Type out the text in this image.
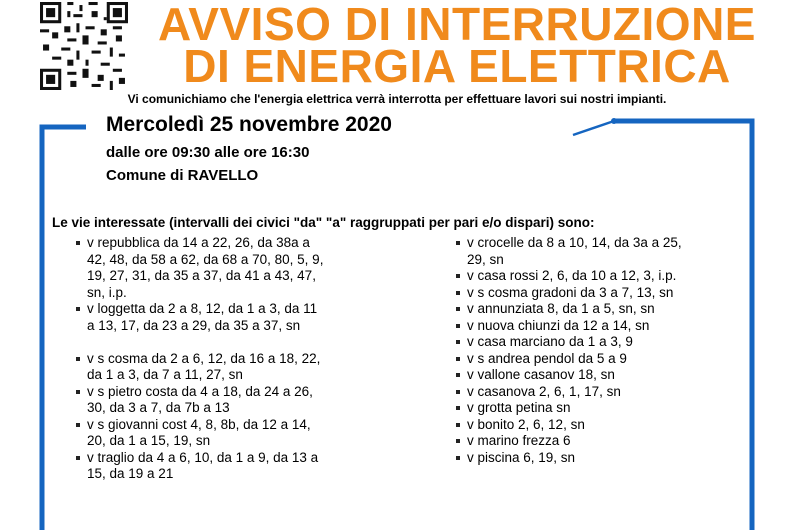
AVVISO DI INTERRUZIONE
DI ENERGIA ELETTRICA
Vi comunichiamo che l'energia elettrica verrà interrotta per effettuare lavori sui nostri impianti.
Mercoledì 25 novembre 2020
dalle ore 09:30 alle ore 16:30
Comune di RAVELLO
Le vie interessate (intervalli dei civici "da" "a" raggruppati per pari e/o dispari) sono:
v repubblica da 14 a 22, 26, da 38a a
42, 48, da 58 a 62, da 68 a 70, 80, 5, 9,
19, 27, 31, da 35 a 37, da 41 a 43, 47,
sn, i.p.
v loggetta da 2 a 8, 12, da 1 a 3, da 11
a 13, 17, da 23 a 29, da 35 a 37, sn
v s cosma da 2 a 6, 12, da 16 a 18, 22,
da 1 a 3, da 7 a 11, 27, sn
v s pietro costa da 4 a 18, da 24 a 26,
30, da 3 a 7, da 7b a 13
v s giovanni cost 4, 8, 8b, da 12 a 14,
20, da 1 a 15, 19, sn
v traglio da 4 a 6, 10, da 1 a 9, da 13 a
15, da 19 a 21
v crocelle da 8 a 10, 14, da 3a a 25,
29, sn
v casa rossi 2, 6, da 10 a 12, 3, i.p.
v s cosma gradoni da 3 a 7, 13, sn
v annunziata 8, da 1 a 5, sn, sn
v nuova chiunzi da 12 a 14, sn
v casa marciano da 1 a 3, 9
v s andrea pendol da 5 a 9
v vallone casanov 18, sn
v casanova 2, 6, 1, 17, sn
v grotta petina sn
v bonito 2, 6, 12, sn
v marino frezza 6
v piscina 6, 19, sn
